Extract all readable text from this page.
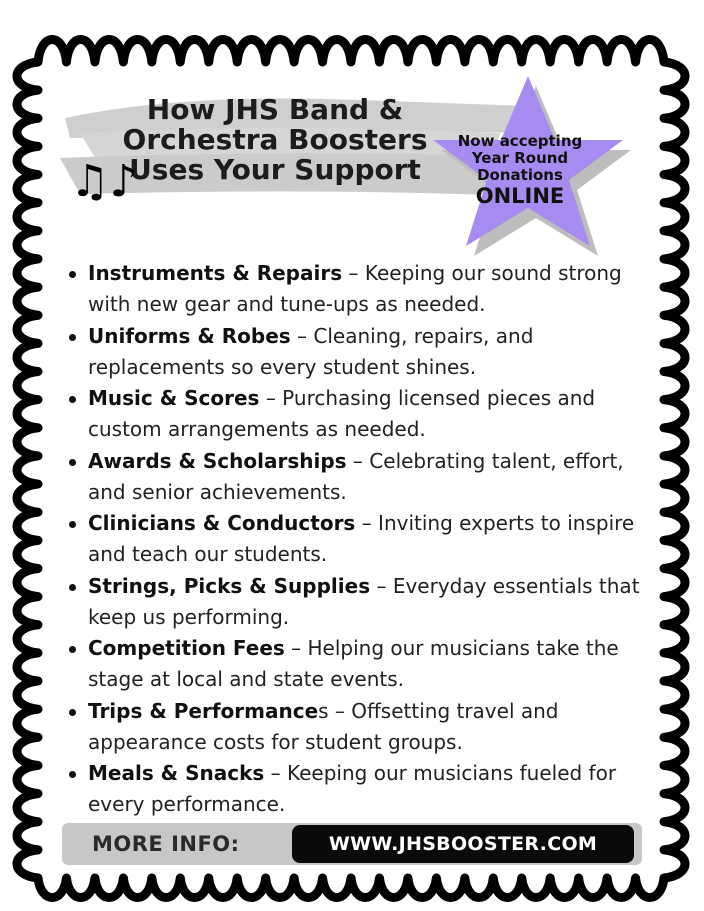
How JHS Band & Orchestra Boosters Uses Your Support
♫♪
Now accepting
Year Round
Donations
ONLINE
Instruments & Repairs – Keeping our sound strong with new gear and tune-ups as needed.
Uniforms & Robes – Cleaning, repairs, and replacements so every student shines.
Music & Scores – Purchasing licensed pieces and custom arrangements as needed.
Awards & Scholarships – Celebrating talent, effort, and senior achievements.
Clinicians & Conductors – Inviting experts to inspire and teach our students.
Strings, Picks & Supplies – Everyday essentials that keep us performing.
Competition Fees – Helping our musicians take the stage at local and state events.
Trips & Performances – Offsetting travel and appearance costs for student groups.
Meals & Snacks – Keeping our musicians fueled for every performance.
MORE INFO:	WWW.JHSBOOSTER.COM
